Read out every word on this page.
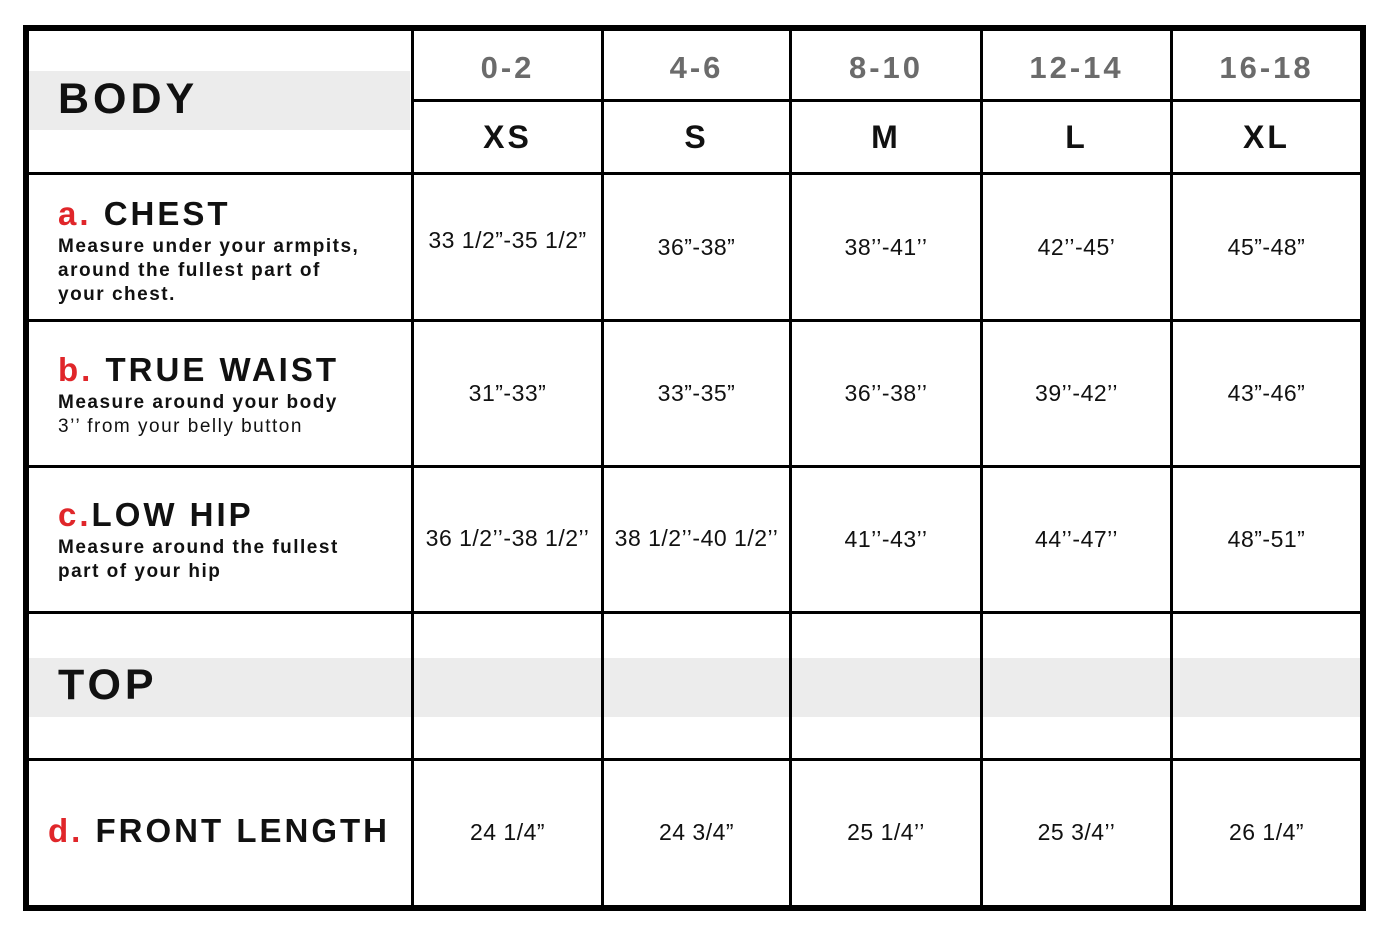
BODY
TOP
0-2	4-6	8-10	12-14	16-18
XS	S	M	L	XL
a. CHEST
Measure under your armpits,
around the fullest part of
your chest.
33 1/2”-35 1/2”	36”-38”	38’’-41’’	42’’-45’	45”-48”
b. TRUE WAIST
Measure around your body
3’’ from your belly button
31”-33”	33”-35”	36’’-38’’	39’’-42’’	43”-46”
c.LOW HIP
Measure around the fullest
part of your hip
36 1/2’’-38 1/2’’	38 1/2’’-40 1/2’’	41’’-43’’	44’’-47’’	48”-51”
d. FRONT LENGTH	24 1/4”	24 3/4”	25 1/4’’	25 3/4’’	26 1/4”
